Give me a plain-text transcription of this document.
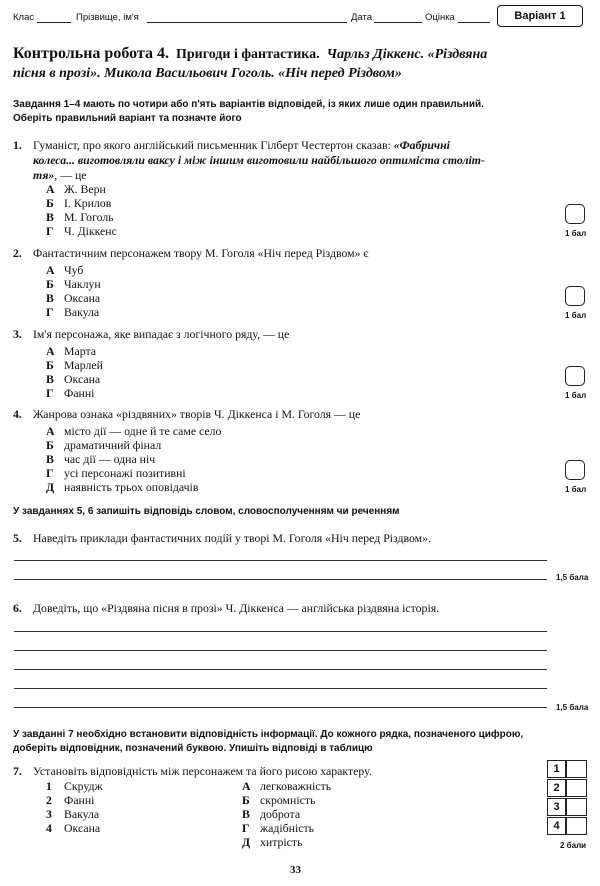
Клас	Прізвище, ім'я	Дата	Оцінка	Варіант 1
Контрольна робота 4. Пригоди і фантастика. Чарльз Діккенс. «Різдвяна
пісня в прозі». Микола Васильович Гоголь. «Ніч перед Різдвом»
Завдання 1–4 мають по чотири або п'ять варіантів відповідей, із яких лише один правильний.
Оберіть правильний варіант та позначте його
1. Гуманіст, про якого англійський письменник Гілберт Честертон сказав: «Фабричні
колеса... виготовляли ваксу і між іншим виготовили найбільшого оптиміста століт-
тя», — це
А Ж. Верн
Б І. Крилов
В М. Гоголь
Г Ч. Діккенс	1 бал
2. Фантастичним персонажем твору М. Гоголя «Ніч перед Різдвом» є
А Чуб
Б Чаклун
В Оксана
Г Вакула	1 бал
3. Ім'я персонажа, яке випадає з логічного ряду, — це
А Марта
Б Марлей
В Оксана
Г Фанні	1 бал
4. Жанрова ознака «різдвяних» творів Ч. Діккенса і М. Гоголя — це
А місто дії — одне й те саме село
Б драматичний фінал
В час дії — одна ніч
Г усі персонажі позитивні
Д наявність трьох оповідачів	1 бал
У завданнях 5, 6 запишіть відповідь словом, словосполученням чи реченням
5. Наведіть приклади фантастичних подій у творі М. Гоголя «Ніч перед Різдвом».
1,5 бала
6. Доведіть, що «Різдвяна пісня в прозі» Ч. Діккенса — англійська різдвяна історія.
1,5 бала
У завданні 7 необхідно встановити відповідність інформації. До кожного рядка, позначеного цифрою,
доберіть відповідник, позначений буквою. Упишіть відповіді в таблицю
7. Установіть відповідність між персонажем та його рисою характеру.
1 Скрудж
2 Фанні
3 Вакула
4 Оксана
А легковажність
Б скромність
В доброта
Г жадібність
Д хитрість
1
2
3
4
2 бали
33
